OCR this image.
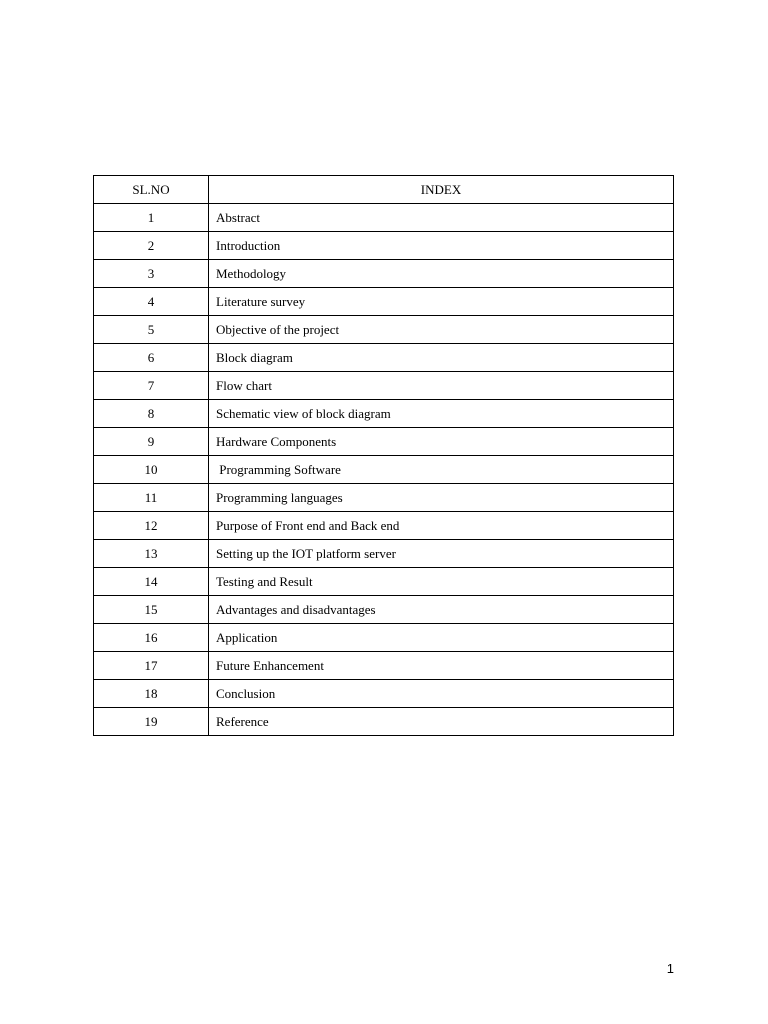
SL.NO	INDEX
1	Abstract
2	Introduction
3	Methodology
4	Literature survey
5	Objective of the project
6	Block diagram
7	Flow chart
8	Schematic view of block diagram
9	Hardware Components
10	Programming Software
11	Programming languages
12	Purpose of Front end and Back end
13	Setting up the IOT platform server
14	Testing and Result
15	Advantages and disadvantages
16	Application
17	Future Enhancement
18	Conclusion
19	Reference
1
